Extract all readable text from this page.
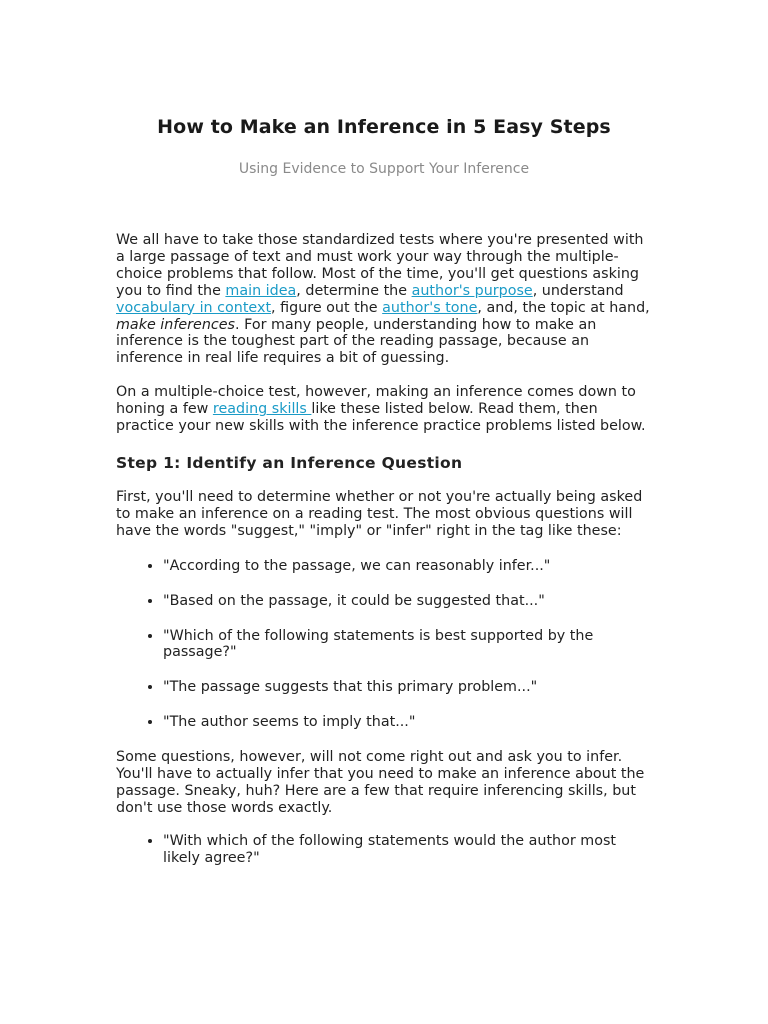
How to Make an Inference in 5 Easy Steps

Using Evidence to Support Your Inference

We all have to take those standardized tests where you're presented with a large passage of text and must work your way through the multiple-choice problems that follow. Most of the time, you'll get questions asking you to find the main idea, determine the author's purpose, understand vocabulary in context, figure out the author's tone, and, the topic at hand, make inferences. For many people, understanding how to make an inference is the toughest part of the reading passage, because an inference in real life requires a bit of guessing.

On a multiple-choice test, however, making an inference comes down to honing a few reading skills like these listed below. Read them, then practice your new skills with the inference practice problems listed below.

Step 1: Identify an Inference Question

First, you'll need to determine whether or not you're actually being asked to make an inference on a reading test. The most obvious questions will have the words "suggest," "imply" or "infer" right in the tag like these:

• "According to the passage, we can reasonably infer..."
• "Based on the passage, it could be suggested that..."
• "Which of the following statements is best supported by the passage?"
• "The passage suggests that this primary problem..."
• "The author seems to imply that..."

Some questions, however, will not come right out and ask you to infer. You'll have to actually infer that you need to make an inference about the passage. Sneaky, huh? Here are a few that require inferencing skills, but don't use those words exactly.

• "With which of the following statements would the author most likely agree?"
